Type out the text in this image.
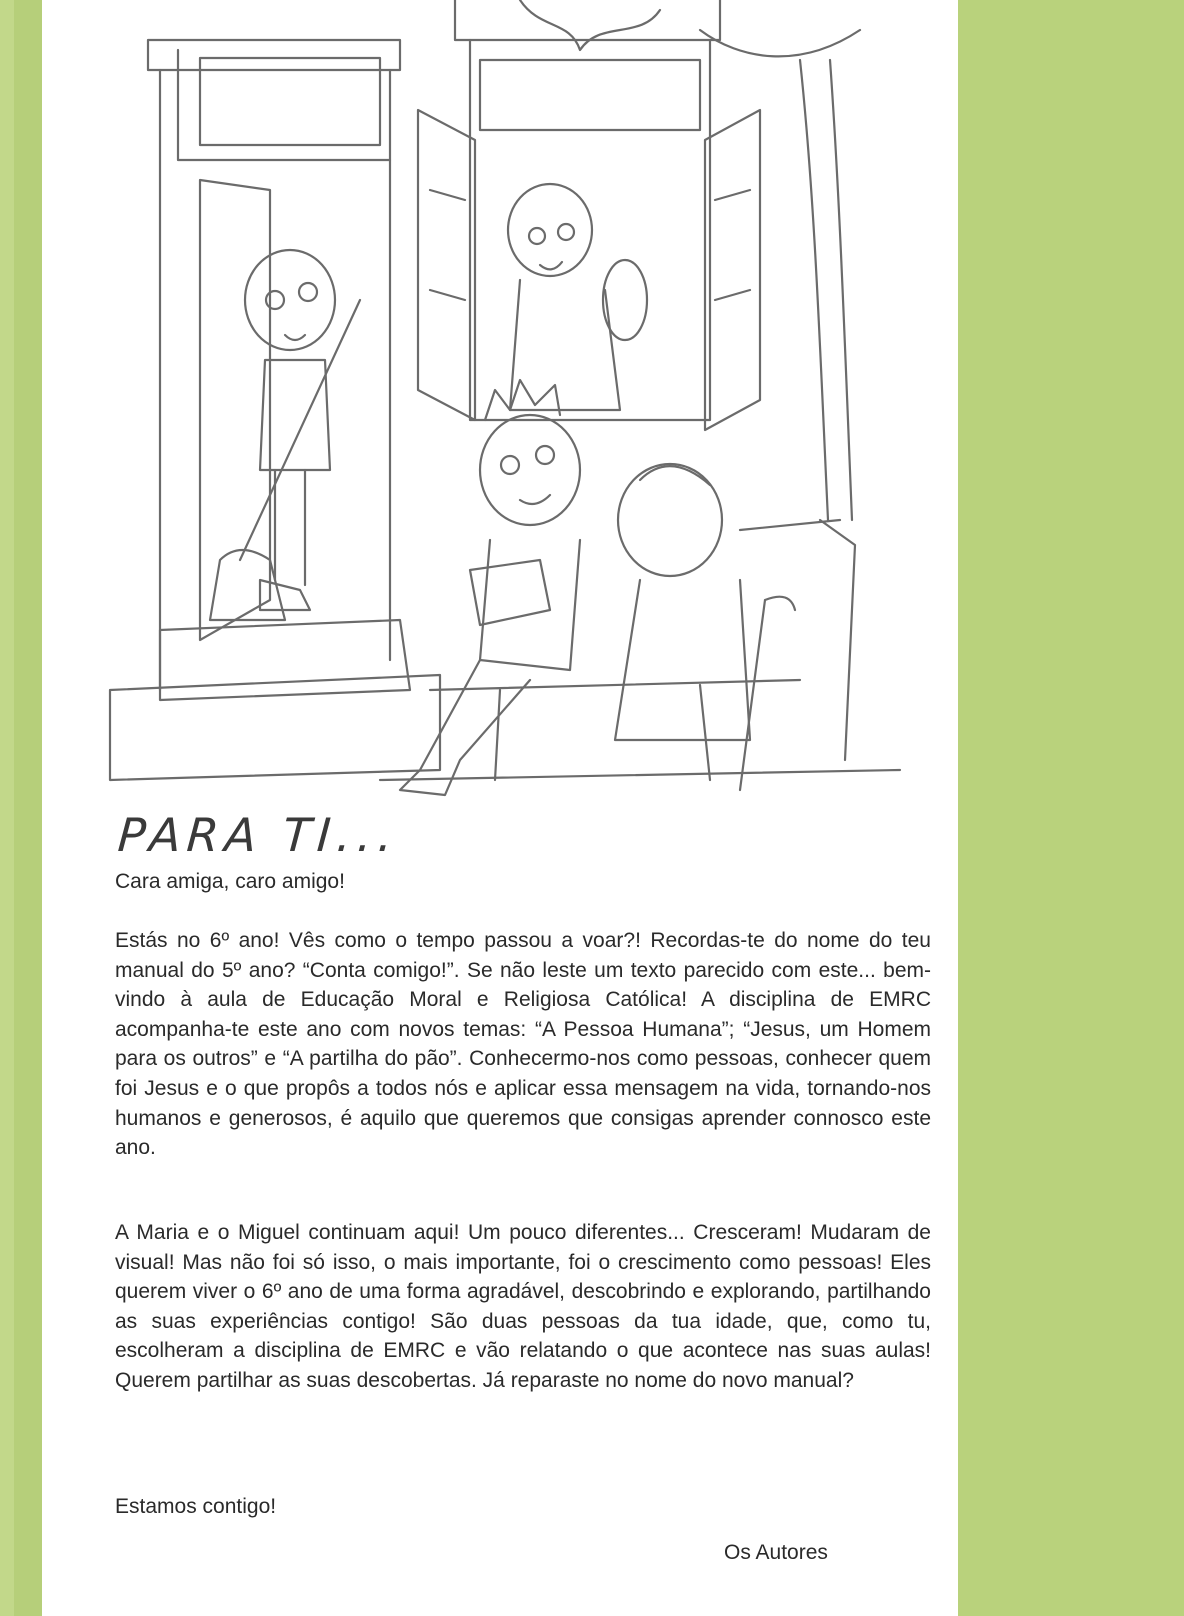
PARA TI...
Cara amiga, caro amigo!

Estás no 6º ano! Vês como o tempo passou a voar?! Recordas-te do nome do teu manual do 5º ano? “Conta comigo!”. Se não leste um texto parecido com este... bem-vindo à aula de Educação Moral e Religiosa Católica! A disciplina de EMRC acompanha-te este ano com novos temas: “A Pessoa Humana”; “Jesus, um Homem para os outros” e “A partilha do pão”. Conhecermo-nos como pessoas, conhecer quem foi Jesus e o que propôs a todos nós e aplicar essa mensagem na vida, tornando-nos humanos e generosos, é aquilo que queremos que consigas aprender connosco este ano.

A Maria e o Miguel continuam aqui! Um pouco diferentes... Cresceram! Mudaram de visual! Mas não foi só isso, o mais importante, foi o crescimento como pessoas! Eles querem viver o 6º ano de uma forma agradável, descobrindo e explorando, partilhando as suas experiências contigo! São duas pessoas da tua idade, que, como tu, escolheram a disciplina de EMRC e vão relatando o que acontece nas suas aulas! Querem partilhar as suas descobertas. Já reparaste no nome do novo manual?

Estamos contigo!
Os Autores
